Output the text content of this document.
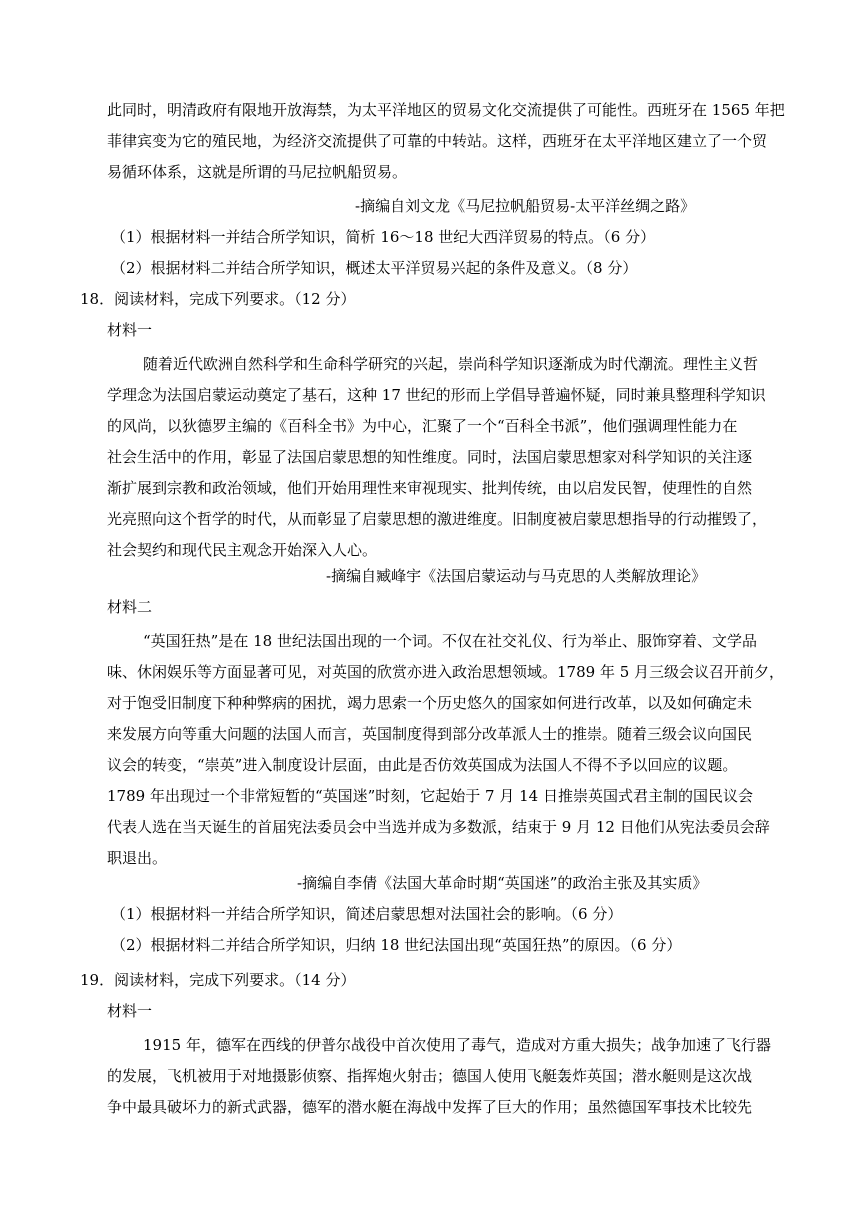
此同时，明清政府有限地开放海禁，为太平洋地区的贸易文化交流提供了可能性。西班牙在 1565 年把
菲律宾变为它的殖民地，为经济交流提供了可靠的中转站。这样，西班牙在太平洋地区建立了一个贸
易循环体系，这就是所谓的马尼拉帆船贸易。
-摘编自刘文龙《马尼拉帆船贸易-太平洋丝绸之路》
（1）根据材料一并结合所学知识，简析 16～18 世纪大西洋贸易的特点。（6 分）
（2）根据材料二并结合所学知识，概述太平洋贸易兴起的条件及意义。（8 分）
18．阅读材料，完成下列要求。（12 分）
材料一
随着近代欧洲自然科学和生命科学研究的兴起，崇尚科学知识逐渐成为时代潮流。理性主义哲
学理念为法国启蒙运动奠定了基石，这种 17 世纪的形而上学倡导普遍怀疑，同时兼具整理科学知识
的风尚，以狄德罗主编的《百科全书》为中心，汇聚了一个“百科全书派”，他们强调理性能力在
社会生活中的作用，彰显了法国启蒙思想的知性维度。同时，法国启蒙思想家对科学知识的关注逐
渐扩展到宗教和政治领域，他们开始用理性来审视现实、批判传统，由以启发民智，使理性的自然
光亮照向这个哲学的时代，从而彰显了启蒙思想的激进维度。旧制度被启蒙思想指导的行动摧毁了，
社会契约和现代民主观念开始深入人心。
-摘编自臧峰宇《法国启蒙运动与马克思的人类解放理论》
材料二
“英国狂热”是在 18 世纪法国出现的一个词。不仅在社交礼仪、行为举止、服饰穿着、文学品
味、休闲娱乐等方面显著可见，对英国的欣赏亦进入政治思想领域。1789 年 5 月三级会议召开前夕，
对于饱受旧制度下种种弊病的困扰，竭力思索一个历史悠久的国家如何进行改革，以及如何确定未
来发展方向等重大问题的法国人而言，英国制度得到部分改革派人士的推崇。随着三级会议向国民
议会的转变，“崇英”进入制度设计层面，由此是否仿效英国成为法国人不得不予以回应的议题。
1789 年出现过一个非常短暂的“英国迷”时刻，它起始于 7 月 14 日推崇英国式君主制的国民议会
代表人选在当天诞生的首届宪法委员会中当选并成为多数派，结束于 9 月 12 日他们从宪法委员会辞
职退出。
-摘编自李倩《法国大革命时期“英国迷”的政治主张及其实质》
（1）根据材料一并结合所学知识，简述启蒙思想对法国社会的影响。（6 分）
（2）根据材料二并结合所学知识，归纳 18 世纪法国出现“英国狂热”的原因。（6 分）
19．阅读材料，完成下列要求。（14 分）
材料一
1915 年，德军在西线的伊普尔战役中首次使用了毒气，造成对方重大损失；战争加速了飞行器
的发展，飞机被用于对地摄影侦察、指挥炮火射击；德国人使用飞艇轰炸英国；潜水艇则是这次战
争中最具破坏力的新式武器，德军的潜水艇在海战中发挥了巨大的作用；虽然德国军事技术比较先
